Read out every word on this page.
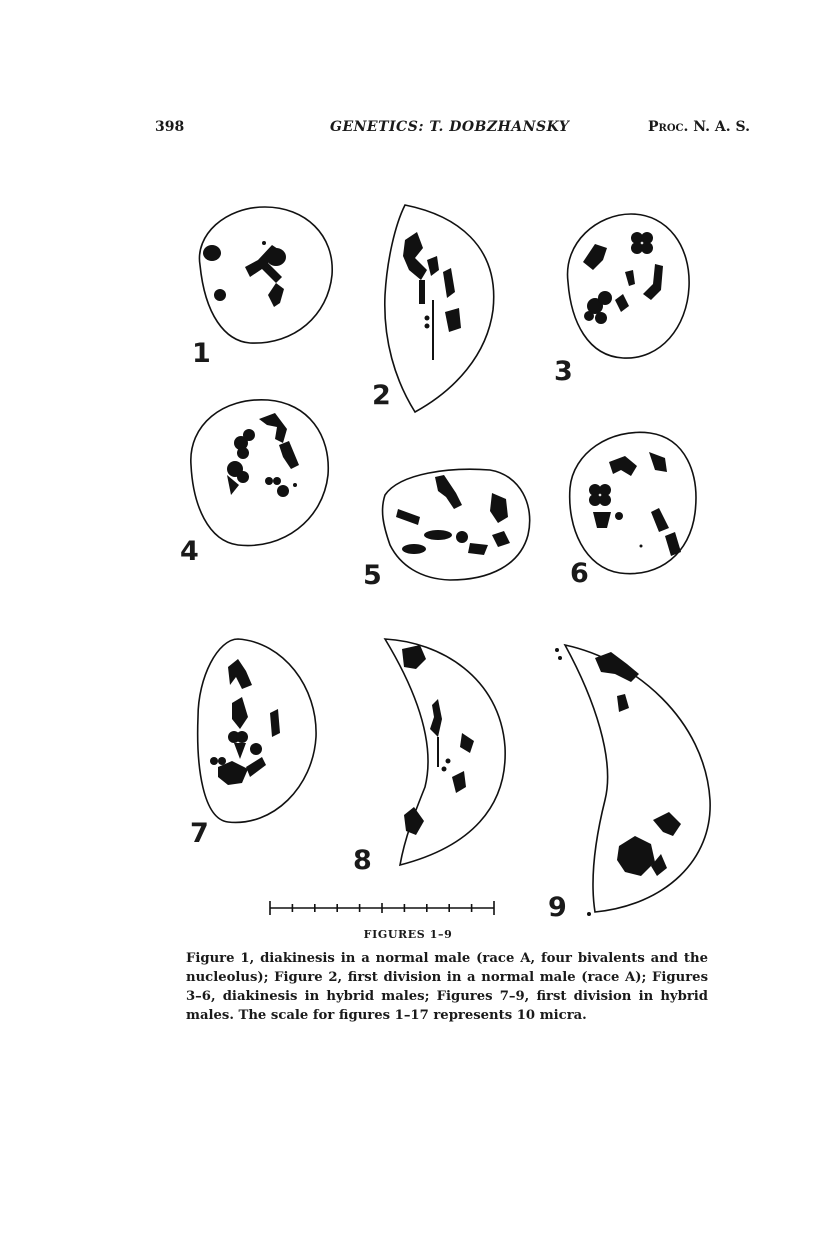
398	GENETICS: T. DOBZHANSKY	Proc. N. A. S.
1
2
3
4
5	6
7
8
9
FIGURES 1–9

Figure 1, diakinesis in a normal male (race A, four bivalents and the nucleolus); Figure 2, first division in a normal male (race A); Figures 3–6, diakinesis in hybrid males; Figures 7–9, first division in hybrid males. The scale for figures 1–17 represents 10 micra.
